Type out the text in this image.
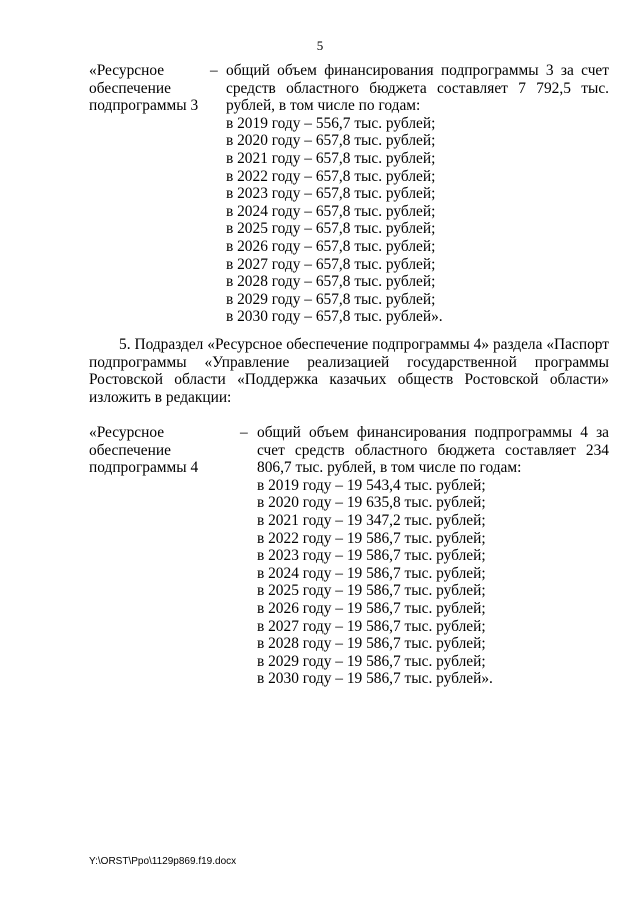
5
«Ресурсное
обеспечение
подпрограммы 3
– общий объем финансирования подпрограммы 3 за счет средств областного бюджета составляет 7 792,5 тыс. рублей, в том числе по годам:
в 2019 году – 556,7 тыс. рублей;
в 2020 году – 657,8 тыс. рублей;
в 2021 году – 657,8 тыс. рублей;
в 2022 году – 657,8 тыс. рублей;
в 2023 году – 657,8 тыс. рублей;
в 2024 году – 657,8 тыс. рублей;
в 2025 году – 657,8 тыс. рублей;
в 2026 году – 657,8 тыс. рублей;
в 2027 году – 657,8 тыс. рублей;
в 2028 году – 657,8 тыс. рублей;
в 2029 году – 657,8 тыс. рублей;
в 2030 году – 657,8 тыс. рублей».
5. Подраздел «Ресурсное обеспечение подпрограммы 4» раздела «Паспорт подпрограммы «Управление реализацией государственной программы Ростовской области «Поддержка казачьих обществ Ростовской области» изложить в редакции:
«Ресурсное
обеспечение
подпрограммы 4
– общий объем финансирования подпрограммы 4 за счет средств областного бюджета составляет 234 806,7 тыс. рублей, в том числе по годам:
в 2019 году – 19 543,4 тыс. рублей;
в 2020 году – 19 635,8 тыс. рублей;
в 2021 году – 19 347,2 тыс. рублей;
в 2022 году – 19 586,7 тыс. рублей;
в 2023 году – 19 586,7 тыс. рублей;
в 2024 году – 19 586,7 тыс. рублей;
в 2025 году – 19 586,7 тыс. рублей;
в 2026 году – 19 586,7 тыс. рублей;
в 2027 году – 19 586,7 тыс. рублей;
в 2028 году – 19 586,7 тыс. рублей;
в 2029 году – 19 586,7 тыс. рублей;
в 2030 году – 19 586,7 тыс. рублей».
Y:\ORST\Ppo\1129p869.f19.docx
